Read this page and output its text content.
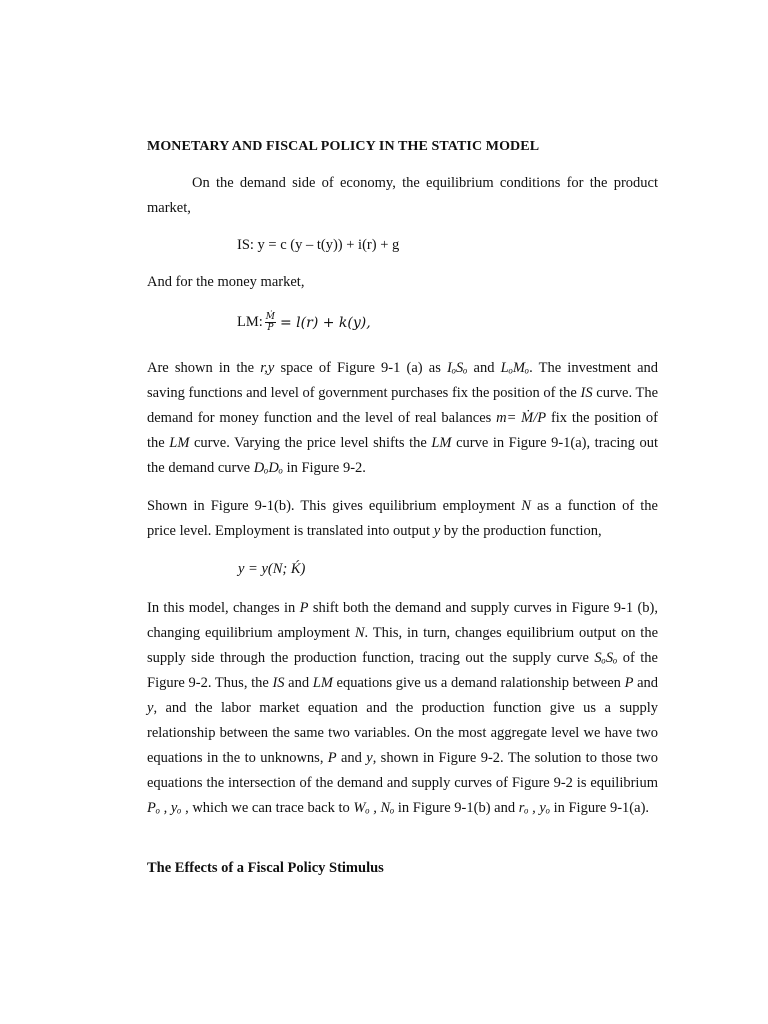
MONETARY AND FISCAL POLICY IN THE STATIC MODEL
On the demand side of economy, the equilibrium conditions for the product market,
IS: y = c (y – t(y)) + i(r) + g
And for the money market,
LM: $\frac{\text{Ṁ}}{P} = l(r) + k(y)$,
Are shown in the r,y space of Figure 9-1 (a) as IₒSₒ and LₒMₒ. The investment and saving functions and level of government purchases fix the position of the IS curve. The demand for money function and the level of real balances m= Ṁ/P fix the position of the LM curve. Varying the price level shifts the LM curve in Figure 9-1(a), tracing out the demand curve DₒDₒ in Figure 9-2.
Shown in Figure 9-1(b). This gives equilibrium employment N as a function of the price level. Employment is translated into output y by the production function,
y = y(N; Ḱ)
In this model, changes in P shift both the demand and supply curves in Figure 9-1 (b), changing equilibrium amployment N. This, in turn, changes equilibrium output on the supply side through the production function, tracing out the supply curve SₒSₒ of the Figure 9-2. Thus, the IS and LM equations give us a demand ralationship between P and y, and the labor market equation and the production function give us a supply relationship between the same two variables. On the most aggregate level we have two equations in the to unknowns, P and y, shown in Figure 9-2. The solution to those two equations the intersection of the demand and supply curves of Figure 9-2 is equilibrium Pₒ , yₒ , which we can trace back to Wₒ , Nₒ in Figure 9-1(b) and rₒ , yₒ in Figure 9-1(a).
The Effects of a Fiscal Policy Stimulus
